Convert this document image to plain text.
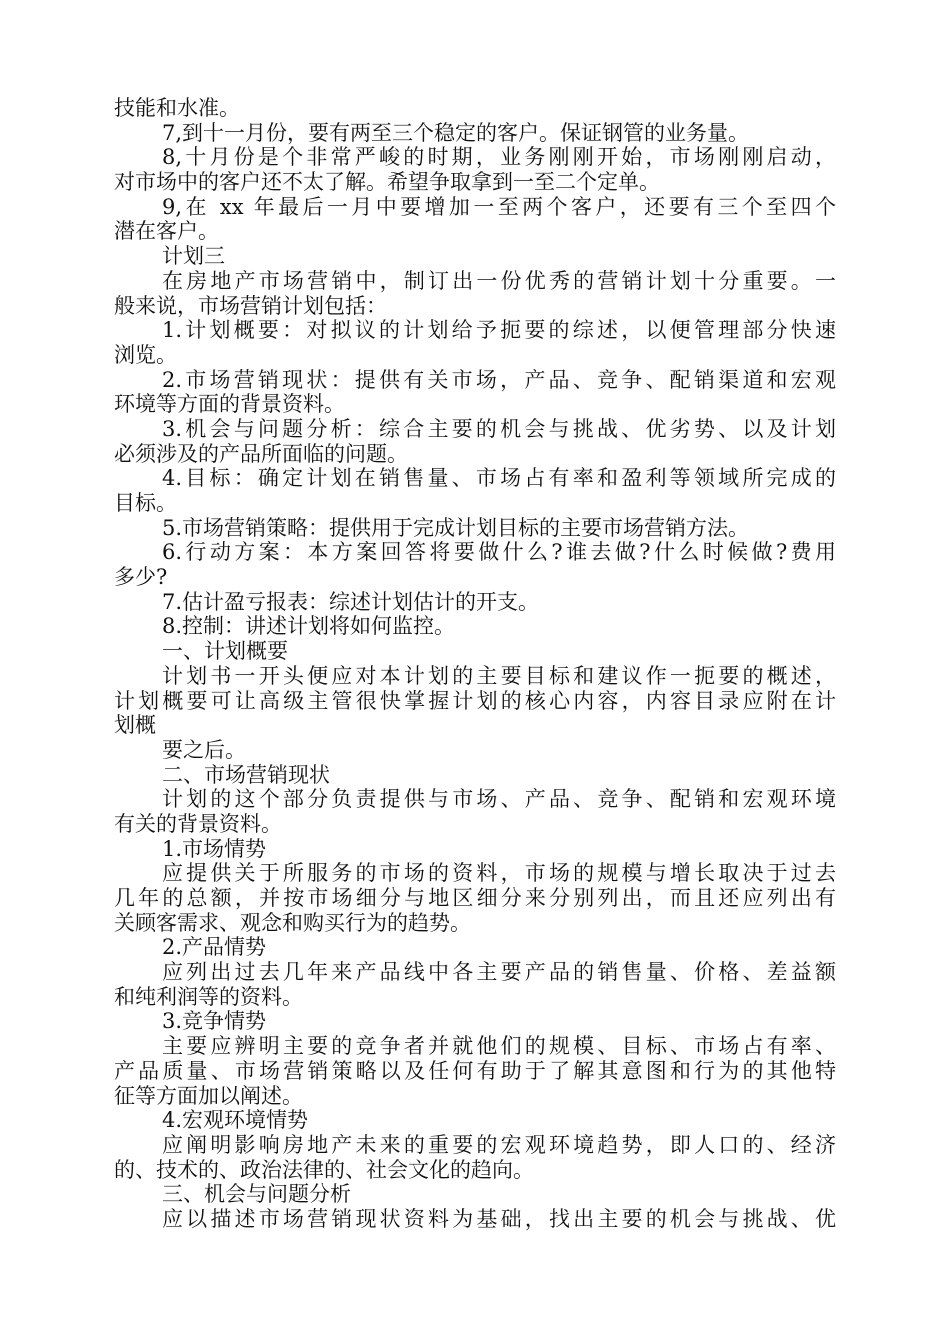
技能和水准。
7,到十一月份，要有两至三个稳定的客户。保证钢管的业务量。
8,十月份是个非常严峻的时期，业务刚刚开始，市场刚刚启动，
对市场中的客户还不太了解。希望争取拿到一至二个定单。
9,在 xx 年最后一月中要增加一至两个客户，还要有三个至四个
潜在客户。
计划三
在房地产市场营销中，制订出一份优秀的营销计划十分重要。一
般来说，市场营销计划包括：
1.计划概要：对拟议的计划给予扼要的综述，以便管理部分快速
浏览。
2.市场营销现状：提供有关市场，产品、竞争、配销渠道和宏观
环境等方面的背景资料。
3.机会与问题分析：综合主要的机会与挑战、优劣势、以及计划
必须涉及的产品所面临的问题。
4.目标：确定计划在销售量、市场占有率和盈利等领域所完成的
目标。
5.市场营销策略：提供用于完成计划目标的主要市场营销方法。
6.行动方案：本方案回答将要做什么?谁去做?什么时候做?费用
多少?
7.估计盈亏报表：综述计划估计的开支。
8.控制：讲述计划将如何监控。
一、计划概要
计划书一开头便应对本计划的主要目标和建议作一扼要的概述，
计划概要可让高级主管很快掌握计划的核心内容，内容目录应附在计
划概
要之后。
二、市场营销现状
计划的这个部分负责提供与市场、产品、竞争、配销和宏观环境
有关的背景资料。
1.市场情势
应提供关于所服务的市场的资料，市场的规模与增长取决于过去
几年的总额，并按市场细分与地区细分来分别列出，而且还应列出有
关顾客需求、观念和购买行为的趋势。
2.产品情势
应列出过去几年来产品线中各主要产品的销售量、价格、差益额
和纯利润等的资料。
3.竞争情势
主要应辨明主要的竞争者并就他们的规模、目标、市场占有率、
产品质量、市场营销策略以及任何有助于了解其意图和行为的其他特
征等方面加以阐述。
4.宏观环境情势
应阐明影响房地产未来的重要的宏观环境趋势，即人口的、经济
的、技术的、政治法律的、社会文化的趋向。
三、机会与问题分析
应以描述市场营销现状资料为基础，找出主要的机会与挑战、优
